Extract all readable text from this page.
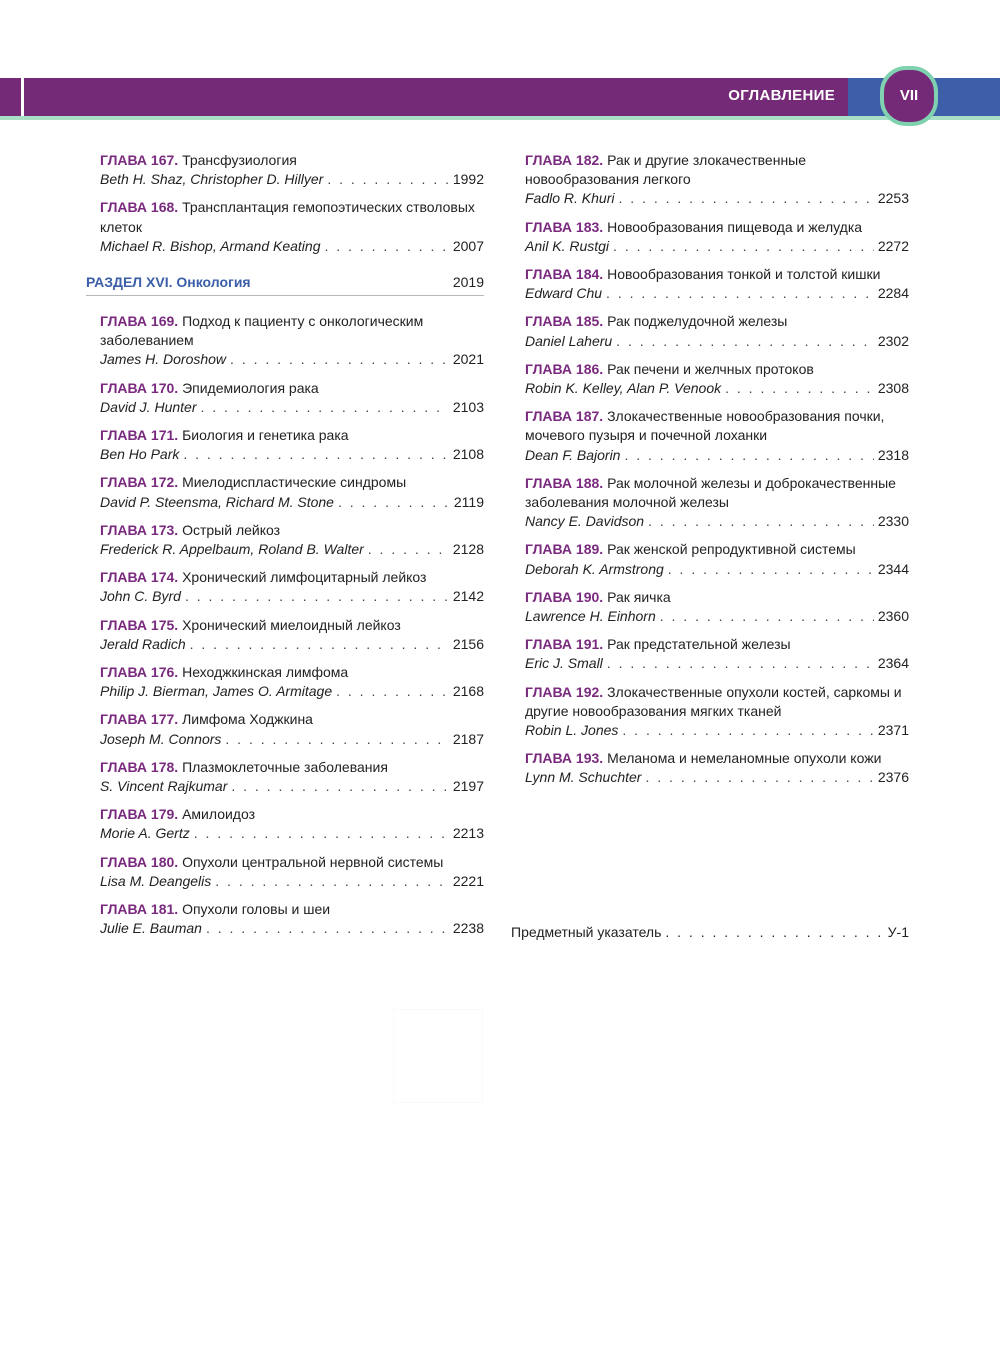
ОГЛАВЛЕНИЕ	VII
ГЛАВА 167. Трансфузиология
Beth H. Shaz, Christopher D. Hillyer . . .	1992
ГЛАВА 168. Трансплантация гемопоэтических стволовых клеток
Michael R. Bishop, Armand Keating . . .	2007
РАЗДЕЛ XVI. Онкология	2019
ГЛАВА 169. Подход к пациенту с онкологическим заболеванием
James H. Doroshow . . .	2021
ГЛАВА 170. Эпидемиология рака
David J. Hunter . . .	2103
ГЛАВА 171. Биология и генетика рака
Ben Ho Park . . .	2108
ГЛАВА 172. Миелодиспластические синдромы
David P. Steensma, Richard M. Stone . . .	2119
ГЛАВА 173. Острый лейкоз
Frederick R. Appelbaum, Roland B. Walter . . .	2128
ГЛАВА 174. Хронический лимфоцитарный лейкоз
John C. Byrd . . .	2142
ГЛАВА 175. Хронический миелоидный лейкоз
Jerald Radich . . .	2156
ГЛАВА 176. Неходжкинская лимфома
Philip J. Bierman, James O. Armitage . . .	2168
ГЛАВА 177. Лимфома Ходжкина
Joseph M. Connors . . .	2187
ГЛАВА 178. Плазмоклеточные заболевания
S. Vincent Rajkumar . . .	2197
ГЛАВА 179. Амилоидоз
Morie A. Gertz . . .	2213
ГЛАВА 180. Опухоли центральной нервной системы
Lisa M. Deangelis . . .	2221
ГЛАВА 181. Опухоли головы и шеи
Julie E. Bauman . . .	2238
ГЛАВА 182. Рак и другие злокачественные новообразования легкого
Fadlo R. Khuri . . .	2253
ГЛАВА 183. Новообразования пищевода и желудка
Anil K. Rustgi . . .	2272
ГЛАВА 184. Новообразования тонкой и толстой кишки
Edward Chu . . .	2284
ГЛАВА 185. Рак поджелудочной железы
Daniel Laheru . . .	2302
ГЛАВА 186. Рак печени и желчных протоков
Robin K. Kelley, Alan P. Venook . . .	2308
ГЛАВА 187. Злокачественные новообразования почки, мочевого пузыря и почечной лоханки
Dean F. Bajorin . . .	2318
ГЛАВА 188. Рак молочной железы и доброкачественные заболевания молочной железы
Nancy E. Davidson . . .	2330
ГЛАВА 189. Рак женской репродуктивной системы
Deborah K. Armstrong . . .	2344
ГЛАВА 190. Рак яичка
Lawrence H. Einhorn . . .	2360
ГЛАВА 191. Рак предстательной железы
Eric J. Small . . .	2364
ГЛАВА 192. Злокачественные опухоли костей, саркомы и другие новообразования мягких тканей
Robin L. Jones . . .	2371
ГЛАВА 193. Меланома и немеланомные опухоли кожи
Lynn M. Schuchter . . .	2376
Предметный указатель . . .	У-1
